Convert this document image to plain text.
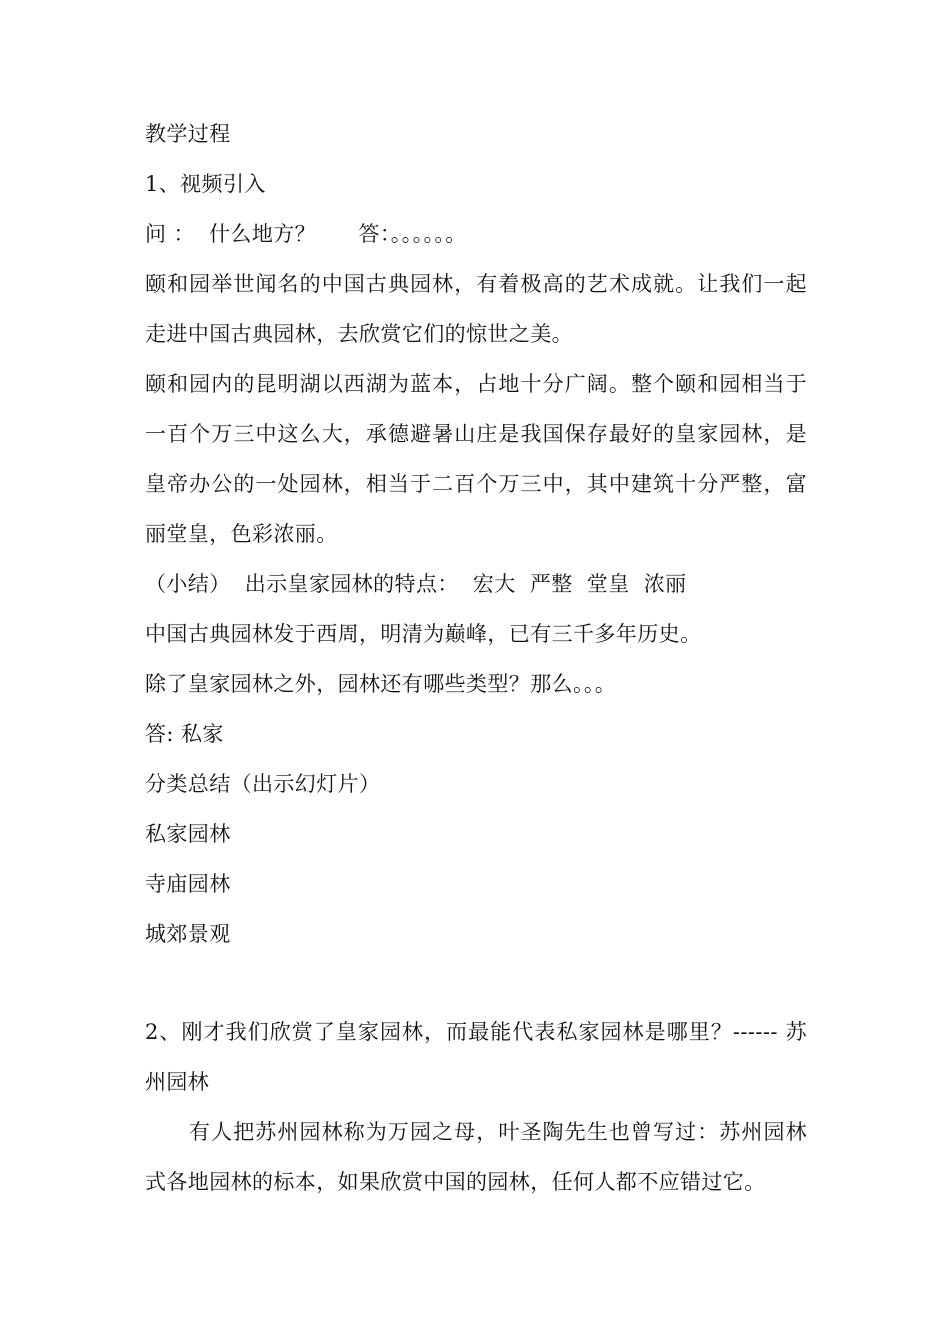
教学过程
1、视频引入
问 ：  什么地方？      答：。。。。。。
颐和园举世闻名的中国古典园林，有着极高的艺术成就。让我们一起
走进中国古典园林，去欣赏它们的惊世之美。
颐和园内的昆明湖以西湖为蓝本，占地十分广阔。整个颐和园相当于
一百个万三中这么大，承德避暑山庄是我国保存最好的皇家园林，是
皇帝办公的一处园林，相当于二百个万三中，其中建筑十分严整，富
丽堂皇，色彩浓丽。
（小结）  出示皇家园林的特点：  宏大  严整  堂皇  浓丽
中国古典园林发于西周，明清为巅峰，已有三千多年历史。
除了皇家园林之外，园林还有哪些类型？那么。。。
答: 私家
分类总结（出示幻灯片）
私家园林
寺庙园林
城郊景观
2、刚才我们欣赏了皇家园林，而最能代表私家园林是哪里？------ 苏
州园林
有人把苏州园林称为万园之母，叶圣陶先生也曾写过：苏州园林
式各地园林的标本，如果欣赏中国的园林，任何人都不应错过它。
